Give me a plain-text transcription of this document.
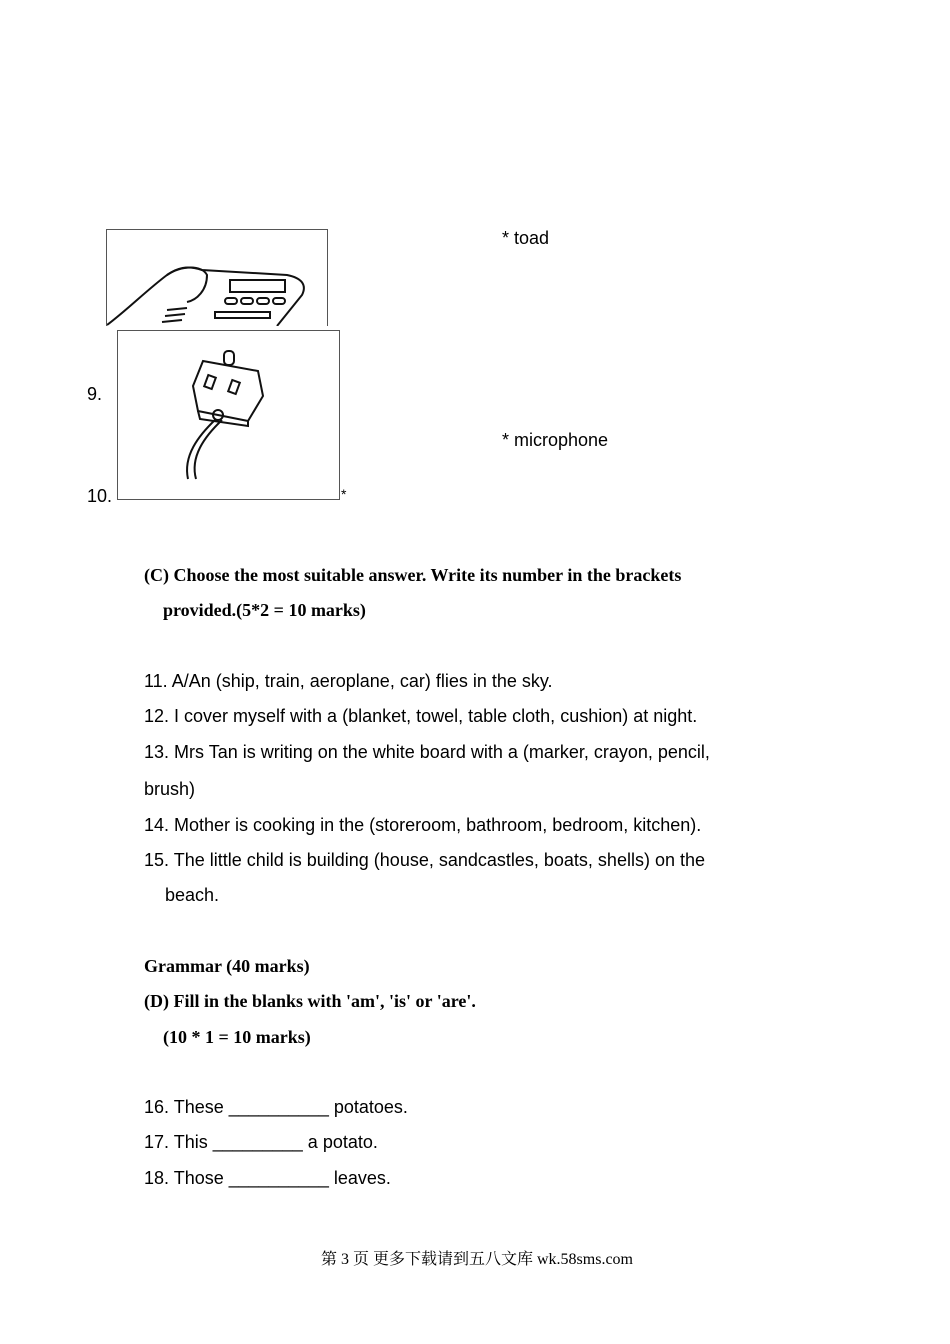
* toad
* microphone
9.
10.	*
(C) Choose the most suitable answer. Write its number in the brackets
provided.(5*2 = 10 marks)
11. A/An (ship, train, aeroplane, car) flies in the sky.
12. I cover myself with a (blanket, towel, table cloth, cushion) at night.
13. Mrs Tan is writing on the white board with a (marker, crayon, pencil,
brush)
14. Mother is cooking in the (storeroom, bathroom, bedroom, kitchen).
15. The little child is building (house, sandcastles, boats, shells) on the
beach.
Grammar (40 marks)
(D) Fill in the blanks with 'am', 'is' or 'are'.
(10 * 1 = 10 marks)
16. These __________ potatoes.
17. This _________ a potato.
18. Those __________ leaves.
第 3 页 更多下载请到五八文库 wk.58sms.com
